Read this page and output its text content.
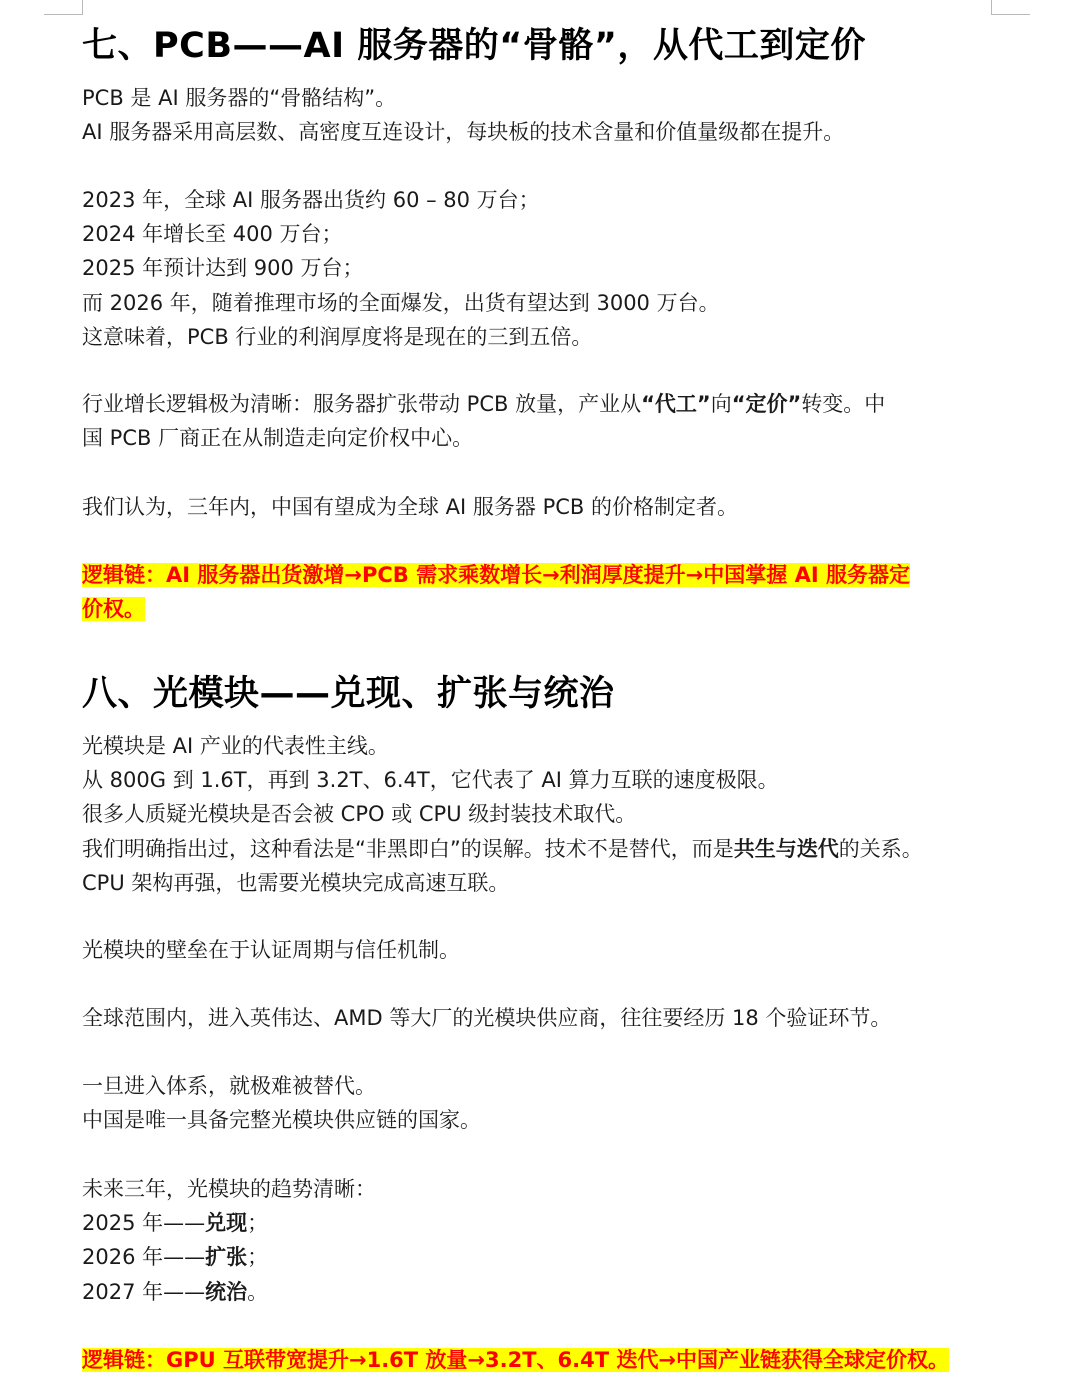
七、PCB——AI 服务器的“骨骼”，从代工到定价
PCB 是 AI 服务器的“骨骼结构”。
AI 服务器采用高层数、高密度互连设计，每块板的技术含量和价值量级都在提升。
2023 年，全球 AI 服务器出货约 60 – 80 万台；
2024 年增长至 400 万台；
2025 年预计达到 900 万台；
而 2026 年，随着推理市场的全面爆发，出货有望达到 3000 万台。
这意味着，PCB 行业的利润厚度将是现在的三到五倍。
行业增长逻辑极为清晰：服务器扩张带动 PCB 放量，产业从“代工”向“定价”转变。中
国 PCB 厂商正在从制造走向定价权中心。
我们认为，三年内，中国有望成为全球 AI 服务器 PCB 的价格制定者。
逻辑链：AI 服务器出货激增→PCB 需求乘数增长→利润厚度提升→中国掌握 AI 服务器定
价权。
八、光模块——兑现、扩张与统治
光模块是 AI 产业的代表性主线。
从 800G 到 1.6T，再到 3.2T、6.4T，它代表了 AI 算力互联的速度极限。
很多人质疑光模块是否会被 CPO 或 CPU 级封装技术取代。
我们明确指出过，这种看法是“非黑即白”的误解。技术不是替代，而是共生与迭代的关系。
CPU 架构再强，也需要光模块完成高速互联。
光模块的壁垒在于认证周期与信任机制。
全球范围内，进入英伟达、AMD 等大厂的光模块供应商，往往要经历 18 个验证环节。
一旦进入体系，就极难被替代。
中国是唯一具备完整光模块供应链的国家。
未来三年，光模块的趋势清晰：
2025 年——兑现；
2026 年——扩张；
2027 年——统治。
逻辑链：GPU 互联带宽提升→1.6T 放量→3.2T、6.4T 迭代→中国产业链获得全球定价权。
